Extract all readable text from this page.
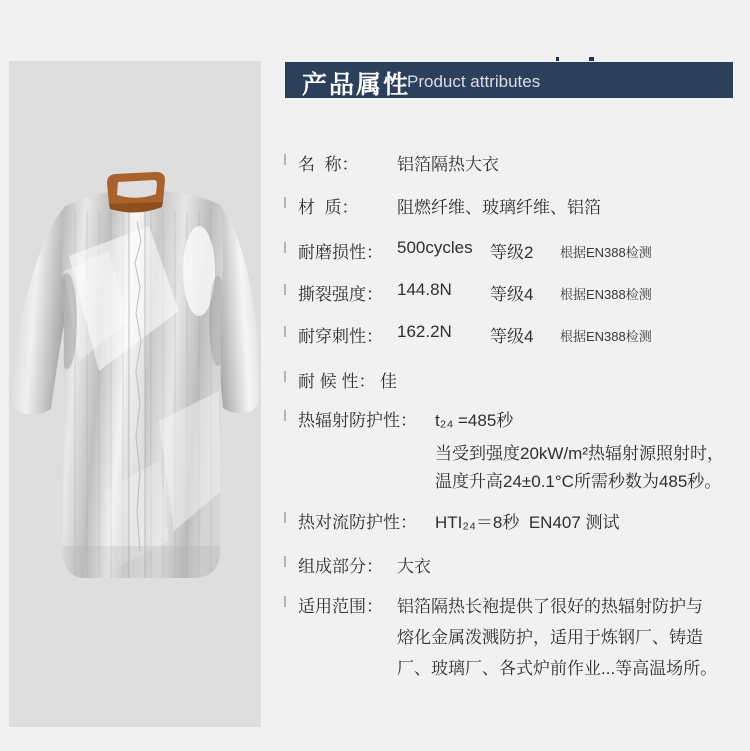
产品属性
Product attributes
名  称： 铝箔隔热大衣
材  质： 阻燃纤维、玻璃纤维、铝箔
耐磨损性： 500cycles 等级2 根据EN388检测
撕裂强度： 144.8N 等级4 根据EN388检测
耐穿刺性： 162.2N 等级4 根据EN388检测
耐 候 性： 佳
热辐射防护性： t₂₄ =485秒
当受到强度20kW/m²热辐射源照射时，
温度升高24±0.1°C所需秒数为485秒。
热对流防护性： HTI₂₄＝8秒  EN407 测试
组成部分： 大衣
适用范围： 铝箔隔热长袍提供了很好的热辐射防护与
熔化金属泼溅防护，适用于炼钢厂、铸造
厂、玻璃厂、各式炉前作业...等高温场所。
